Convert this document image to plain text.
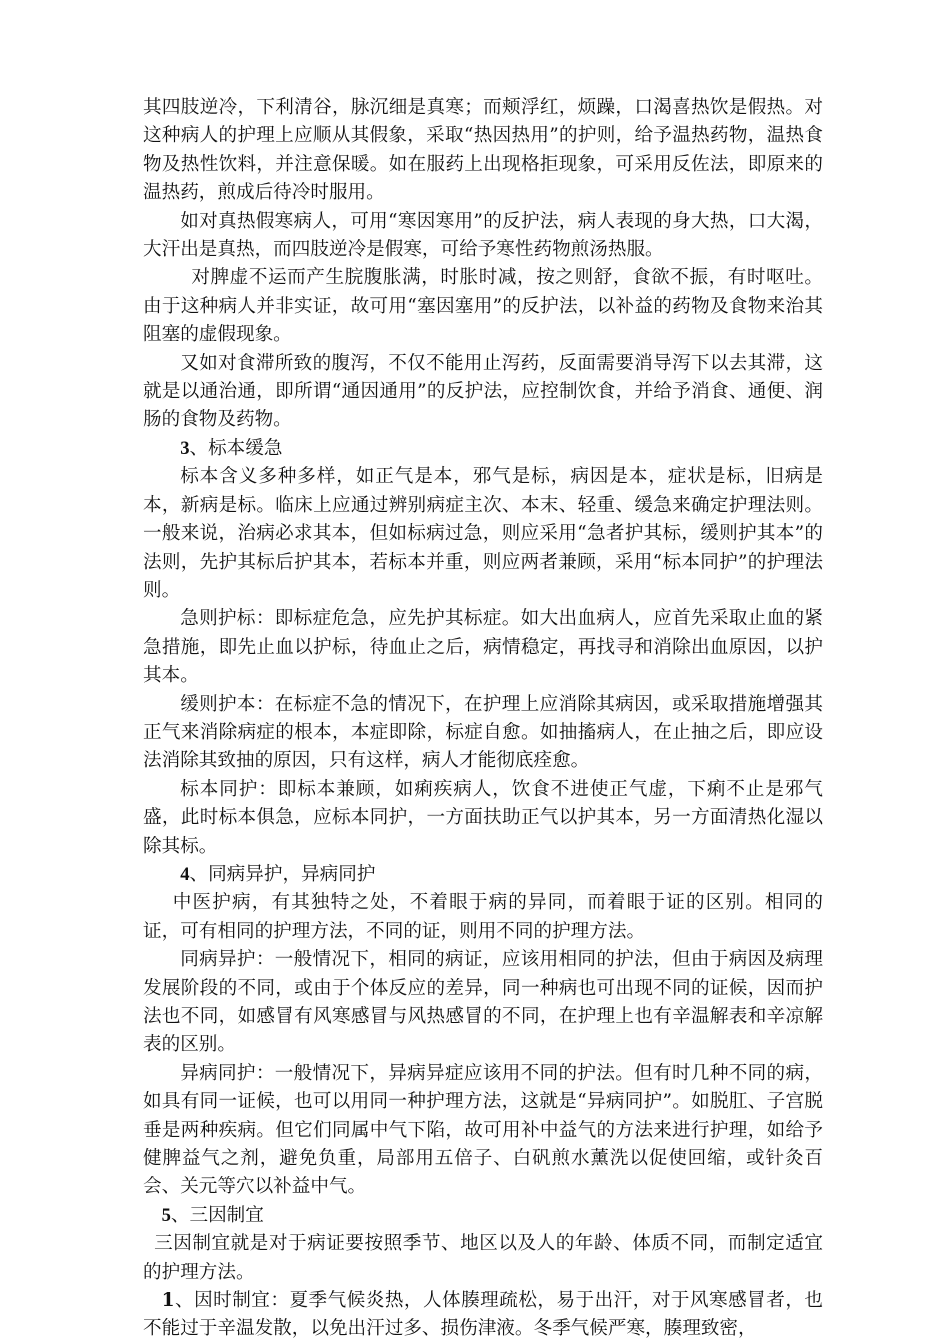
其四肢逆冷，下利清谷，脉沉细是真寒；而颊浮红，烦躁，口渴喜热饮是假热。对这种病人的护理上应顺从其假象，采取“热因热用”的护则，给予温热药物，温热食物及热性饮料，并注意保暖。如在服药上出现格拒现象，可采用反佐法，即原来的温热药，煎成后待冷时服用。

如对真热假寒病人，可用“寒因寒用”的反护法，病人表现的身大热，口大渴，大汗出是真热，而四肢逆冷是假寒，可给予寒性药物煎汤热服。

对脾虚不运而产生脘腹胀满，时胀时减，按之则舒，食欲不振，有时呕吐。由于这种病人并非实证，故可用“塞因塞用”的反护法，以补益的药物及食物来治其阻塞的虚假现象。

又如对食滞所致的腹泻，不仅不能用止泻药，反面需要消导泻下以去其滞，这就是以通治通，即所谓“通因通用”的反护法，应控制饮食，并给予消食、通便、润肠的食物及药物。

3、标本缓急

标本含义多种多样，如正气是本，邪气是标，病因是本，症状是标，旧病是本，新病是标。临床上应通过辨别病症主次、本末、轻重、缓急来确定护理法则。一般来说，治病必求其本，但如标病过急，则应采用“急者护其标，缓则护其本”的法则，先护其标后护其本，若标本并重，则应两者兼顾，采用“标本同护”的护理法则。

急则护标：即标症危急，应先护其标症。如大出血病人，应首先采取止血的紧急措施，即先止血以护标，待血止之后，病情稳定，再找寻和消除出血原因，以护其本。

缓则护本：在标症不急的情况下，在护理上应消除其病因，或采取措施增强其正气来消除病症的根本，本症即除，标症自愈。如抽搐病人，在止抽之后，即应设法消除其致抽的原因，只有这样，病人才能彻底痊愈。

标本同护：即标本兼顾，如痢疾病人，饮食不进使正气虚，下痢不止是邪气盛，此时标本俱急，应标本同护，一方面扶助正气以护其本，另一方面清热化湿以除其标。

4、同病异护，异病同护

中医护病，有其独特之处，不着眼于病的异同，而着眼于证的区别。相同的证，可有相同的护理方法，不同的证，则用不同的护理方法。

同病异护：一般情况下，相同的病证，应该用相同的护法，但由于病因及病理发展阶段的不同，或由于个体反应的差异，同一种病也可出现不同的证候，因而护法也不同，如感冒有风寒感冒与风热感冒的不同，在护理上也有辛温解表和辛凉解表的区别。

异病同护：一般情况下，异病异症应该用不同的护法。但有时几种不同的病，如具有同一证候，也可以用同一种护理方法，这就是“异病同护”。如脱肛、子宫脱垂是两种疾病。但它们同属中气下陷，故可用补中益气的方法来进行护理，如给予健脾益气之剂，避免负重，局部用五倍子、白矾煎水薰洗以促使回缩，或针灸百会、关元等穴以补益中气。

5、三因制宜

三因制宜就是对于病证要按照季节、地区以及人的年龄、体质不同，而制定适宜的护理方法。

1、因时制宜：夏季气候炎热，人体腠理疏松，易于出汗，对于风寒感冒者，也不能过于辛温发散，以免出汗过多、损伤津液。冬季气候严寒，腠理致密，
